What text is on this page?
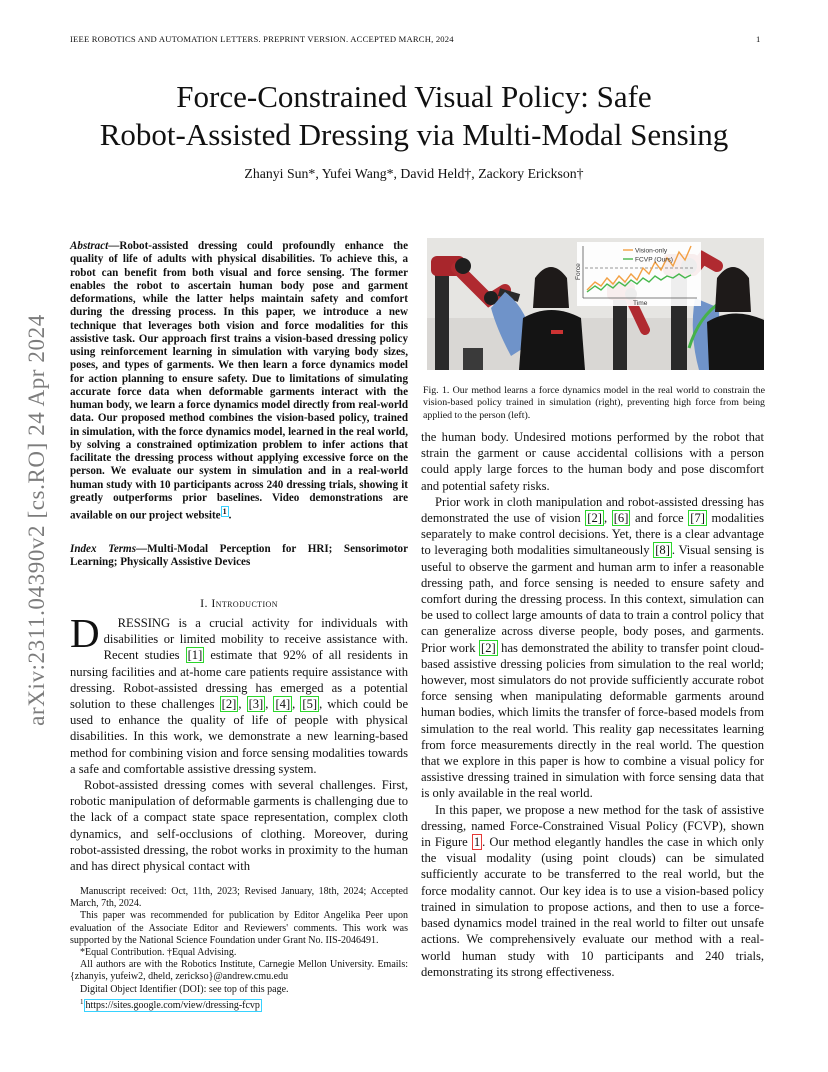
IEEE ROBOTICS AND AUTOMATION LETTERS. PREPRINT VERSION. ACCEPTED MARCH, 2024	1
arXiv:2311.04390v2 [cs.RO] 24 Apr 2024
Force-Constrained Visual Policy: Safe
Robot-Assisted Dressing via Multi-Modal Sensing
Zhanyi Sun*, Yufei Wang*, David Held†, Zackory Erickson†
Abstract—Robot-assisted dressing could profoundly enhance the quality of life of adults with physical disabilities. To achieve this, a robot can benefit from both visual and force sensing. The former enables the robot to ascertain human body pose and garment deformations, while the latter helps maintain safety and comfort during the dressing process. In this paper, we introduce a new technique that leverages both vision and force modalities for this assistive task. Our approach first trains a vision-based dressing policy using reinforcement learning in simulation with varying body sizes, poses, and types of garments. We then learn a force dynamics model for action planning to ensure safety. Due to limitations of simulating accurate force data when deformable garments interact with the human body, we learn a force dynamics model directly from real-world data. Our proposed method combines the vision-based policy, trained in simulation, with the force dynamics model, learned in the real world, by solving a constrained optimization problem to infer actions that facilitate the dressing process without applying excessive force on the person. We evaluate our system in simulation and in a real-world human study with 10 participants across 240 dressing trials, showing it greatly outperforms prior baselines. Video demonstrations are available on our project website $^1$ .
Index Terms—Multi-Modal Perception for HRI; Sensorimotor Learning; Physically Assistive Devices
I. Introduction

D	RESSING is a crucial activity for individuals with disabilities or limited mobility to receive assistance with. Recent studies [1] estimate that 92% of all residents in nursing facilities and at-home care patients require assistance with dressing. Robot-assisted dressing has emerged as a potential solution to these challenges [2] , [3] , [4] , [5] , which could be used to enhance the quality of life of people with physical disabilities. In this work, we demonstrate a new learning-based method for combining vision and force sensing modalities towards a safe and comfortable assistive dressing system.

Robot-assisted dressing comes with several challenges. First, robotic manipulation of deformable garments is challenging due to the lack of a compact state space representation, complex cloth dynamics, and self-occlusions of clothing. Moreover, during robot-assisted dressing, the robot works in proximity to the human and has direct physical contact with

Manuscript received: Oct, 11th, 2023; Revised January, 18th, 2024; Accepted March, 7th, 2024.

This paper was recommended for publication by Editor Angelika Peer upon evaluation of the Associate Editor and Reviewers' comments. This work was supported by the National Science Foundation under Grant No. IIS-2046491.

*Equal Contribution. †Equal Advising.

All authors are with the Robotics Institute, Carnegie Mellon University. Emails: {zhanyis, yufeiw2, dheld, zerickso}@andrew.cmu.edu

Digital Object Identifier (DOI): see top of this page.

$^1$ https://sites.google.com/view/dressing-fcvp

Vision-only
FCVP (Ours)
Force
Time
Fig. 1. Our method learns a force dynamics model in the real world to constrain the vision-based policy trained in simulation (right), preventing high force from being applied to the person (left).

the human body. Undesired motions performed by the robot that strain the garment or cause accidental collisions with a person could apply large forces to the human body and pose discomfort and potential safety risks.

Prior work in cloth manipulation and robot-assisted dressing has demonstrated the use of vision [2] , [6] and force [7] modalities separately to make control decisions. Yet, there is a clear advantage to leveraging both modalities simultaneously [8] . Visual sensing is useful to observe the garment and human arm to infer a reasonable dressing path, and force sensing is needed to ensure safety and comfort during the dressing process. In this context, simulation can be used to collect large amounts of data to train a control policy that can generalize across diverse people, body poses, and garments. Prior work [2] has demonstrated the ability to transfer point cloud-based assistive dressing policies from simulation to the real world; however, most simulators do not provide sufficiently accurate robot force sensing when manipulating deformable garments around human bodies, which limits the transfer of force-based models from simulation to the real world. This reality gap necessitates learning from force measurements directly in the real world. The question that we explore in this paper is how to combine a visual policy for assistive dressing trained in simulation with force sensing data that is only available in the real world.

In this paper, we propose a new method for the task of assistive dressing, named Force-Constrained Visual Policy (FCVP), shown in Figure 1 . Our method elegantly handles the case in which only the visual modality (using point clouds) can be simulated sufficiently accurate to be transferred to the real world, but the force modality cannot. Our key idea is to use a vision-based policy trained in simulation to propose actions, and then to use a force-based dynamics model trained in the real world to filter out unsafe actions. We comprehensively evaluate our method with a real-world human study with 10 participants and 240 trials, demonstrating its strong effectiveness.
